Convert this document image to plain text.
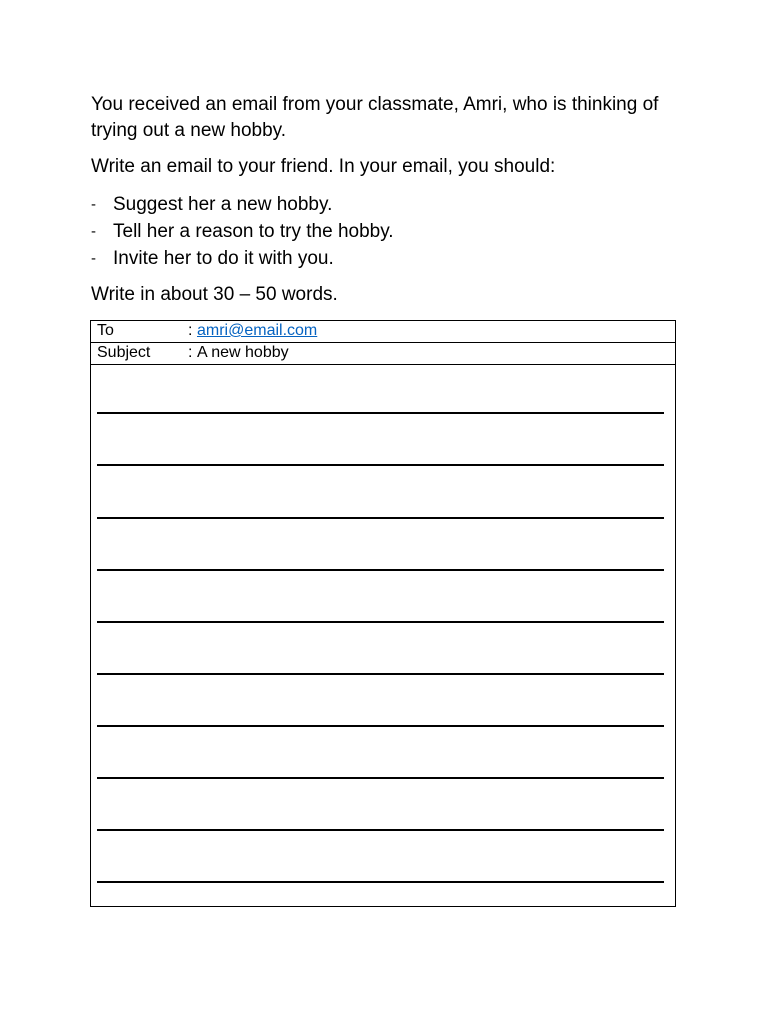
You received an email from your classmate, Amri, who is thinking of trying out a new hobby.

Write an email to your friend. In your email, you should:

- Suggest her a new hobby.
- Tell her a reason to try the hobby.
- Invite her to do it with you.

Write in about 30 – 50 words.

To	: amri@email.com
Subject : A new hobby
